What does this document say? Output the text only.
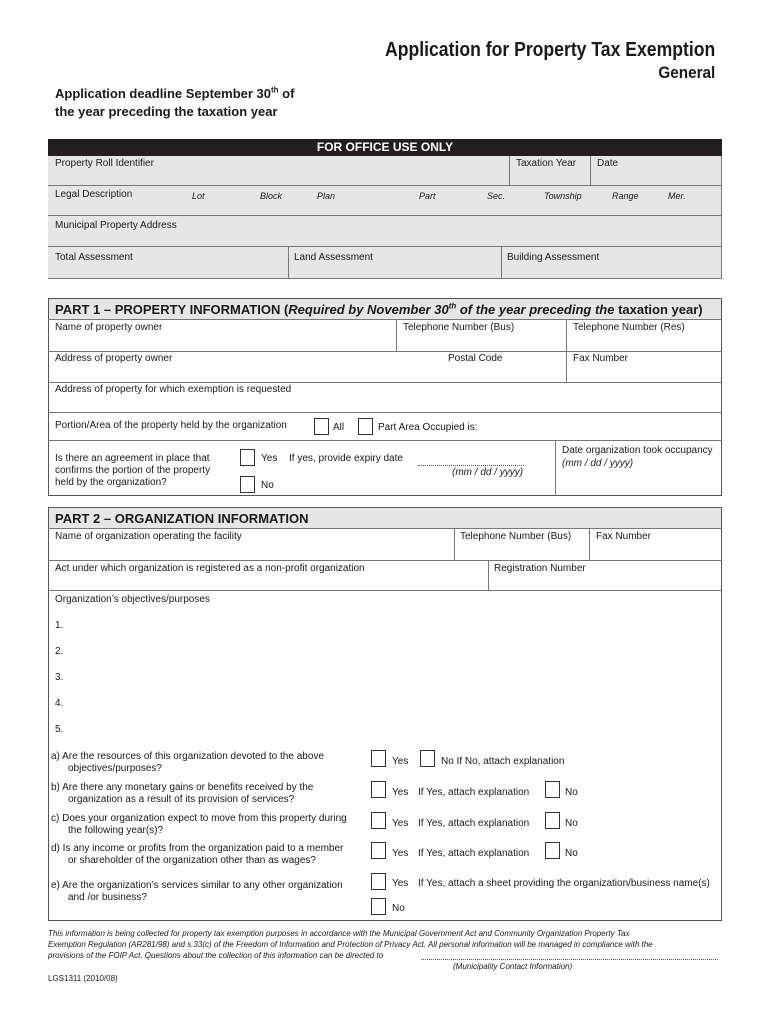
Application for Property Tax Exemption
General
Application deadline September 30th of
the year preceding the taxation year
FOR OFFICE USE ONLY
Property Roll Identifier	Taxation Year Date
Legal Description	Lot	Block	Plan	Part	Sec.	Township	Range	Mer.
Municipal Property Address
Total Assessment	Land Assessment	Building Assessment
PART 1 – PROPERTY INFORMATION (Required by November 30th of the year preceding the taxation year)
Name of property owner	Telephone Number (Bus)	Telephone Number (Res)
Address of property owner	Postal Code	Fax Number
Address of property for which exemption is requested
Portion/Area of the property held by the organization	All	Part Area Occupied is:
Is there an agreement in place that
confirms the portion of the property
held by the organization?
Yes If yes, provide expiry date
No
(mm / dd / yyyy)
Date organization took occupancy
(mm / dd / yyyy)
PART 2 – ORGANIZATION INFORMATION
Name of organization operating the facility	Telephone Number (Bus) Fax Number
Act under which organization is registered as a non-profit organization	Registration Number
Organization’s objectives/purposes
1.
2.
3.
4.
5.
a) Are the resources of this organization devoted to the above
objectives/purposes?
Yes	No If No, attach explanation
b) Are there any monetary gains or benefits received by the
organization as a result of its provision of services?
Yes If Yes, attach explanation	No
c) Does your organization expect to move from this property during
the following year(s)?
Yes If Yes, attach explanation	No
d) Is any income or profits from the organization paid to a member
or shareholder of the organization other than as wages?
Yes If Yes, attach explanation	No
e) Are the organization’s services similar to any other organization
and /or business?
Yes If Yes, attach a sheet providing the organization/business name(s)
No
This information is being collected for property tax exemption purposes in accordance with the Municipal Government Act and Community Organization Property Tax
Exemption Regulation (AR281/98) and s.33(c) of the Freedom of Information and Protection of Privacy Act. All personal information will be managed in compliance with the
provisions of the FOIP Act. Questions about the collection of this information can be directed to
(Municipality Contact Information)
LGS1311 (2010/08)
